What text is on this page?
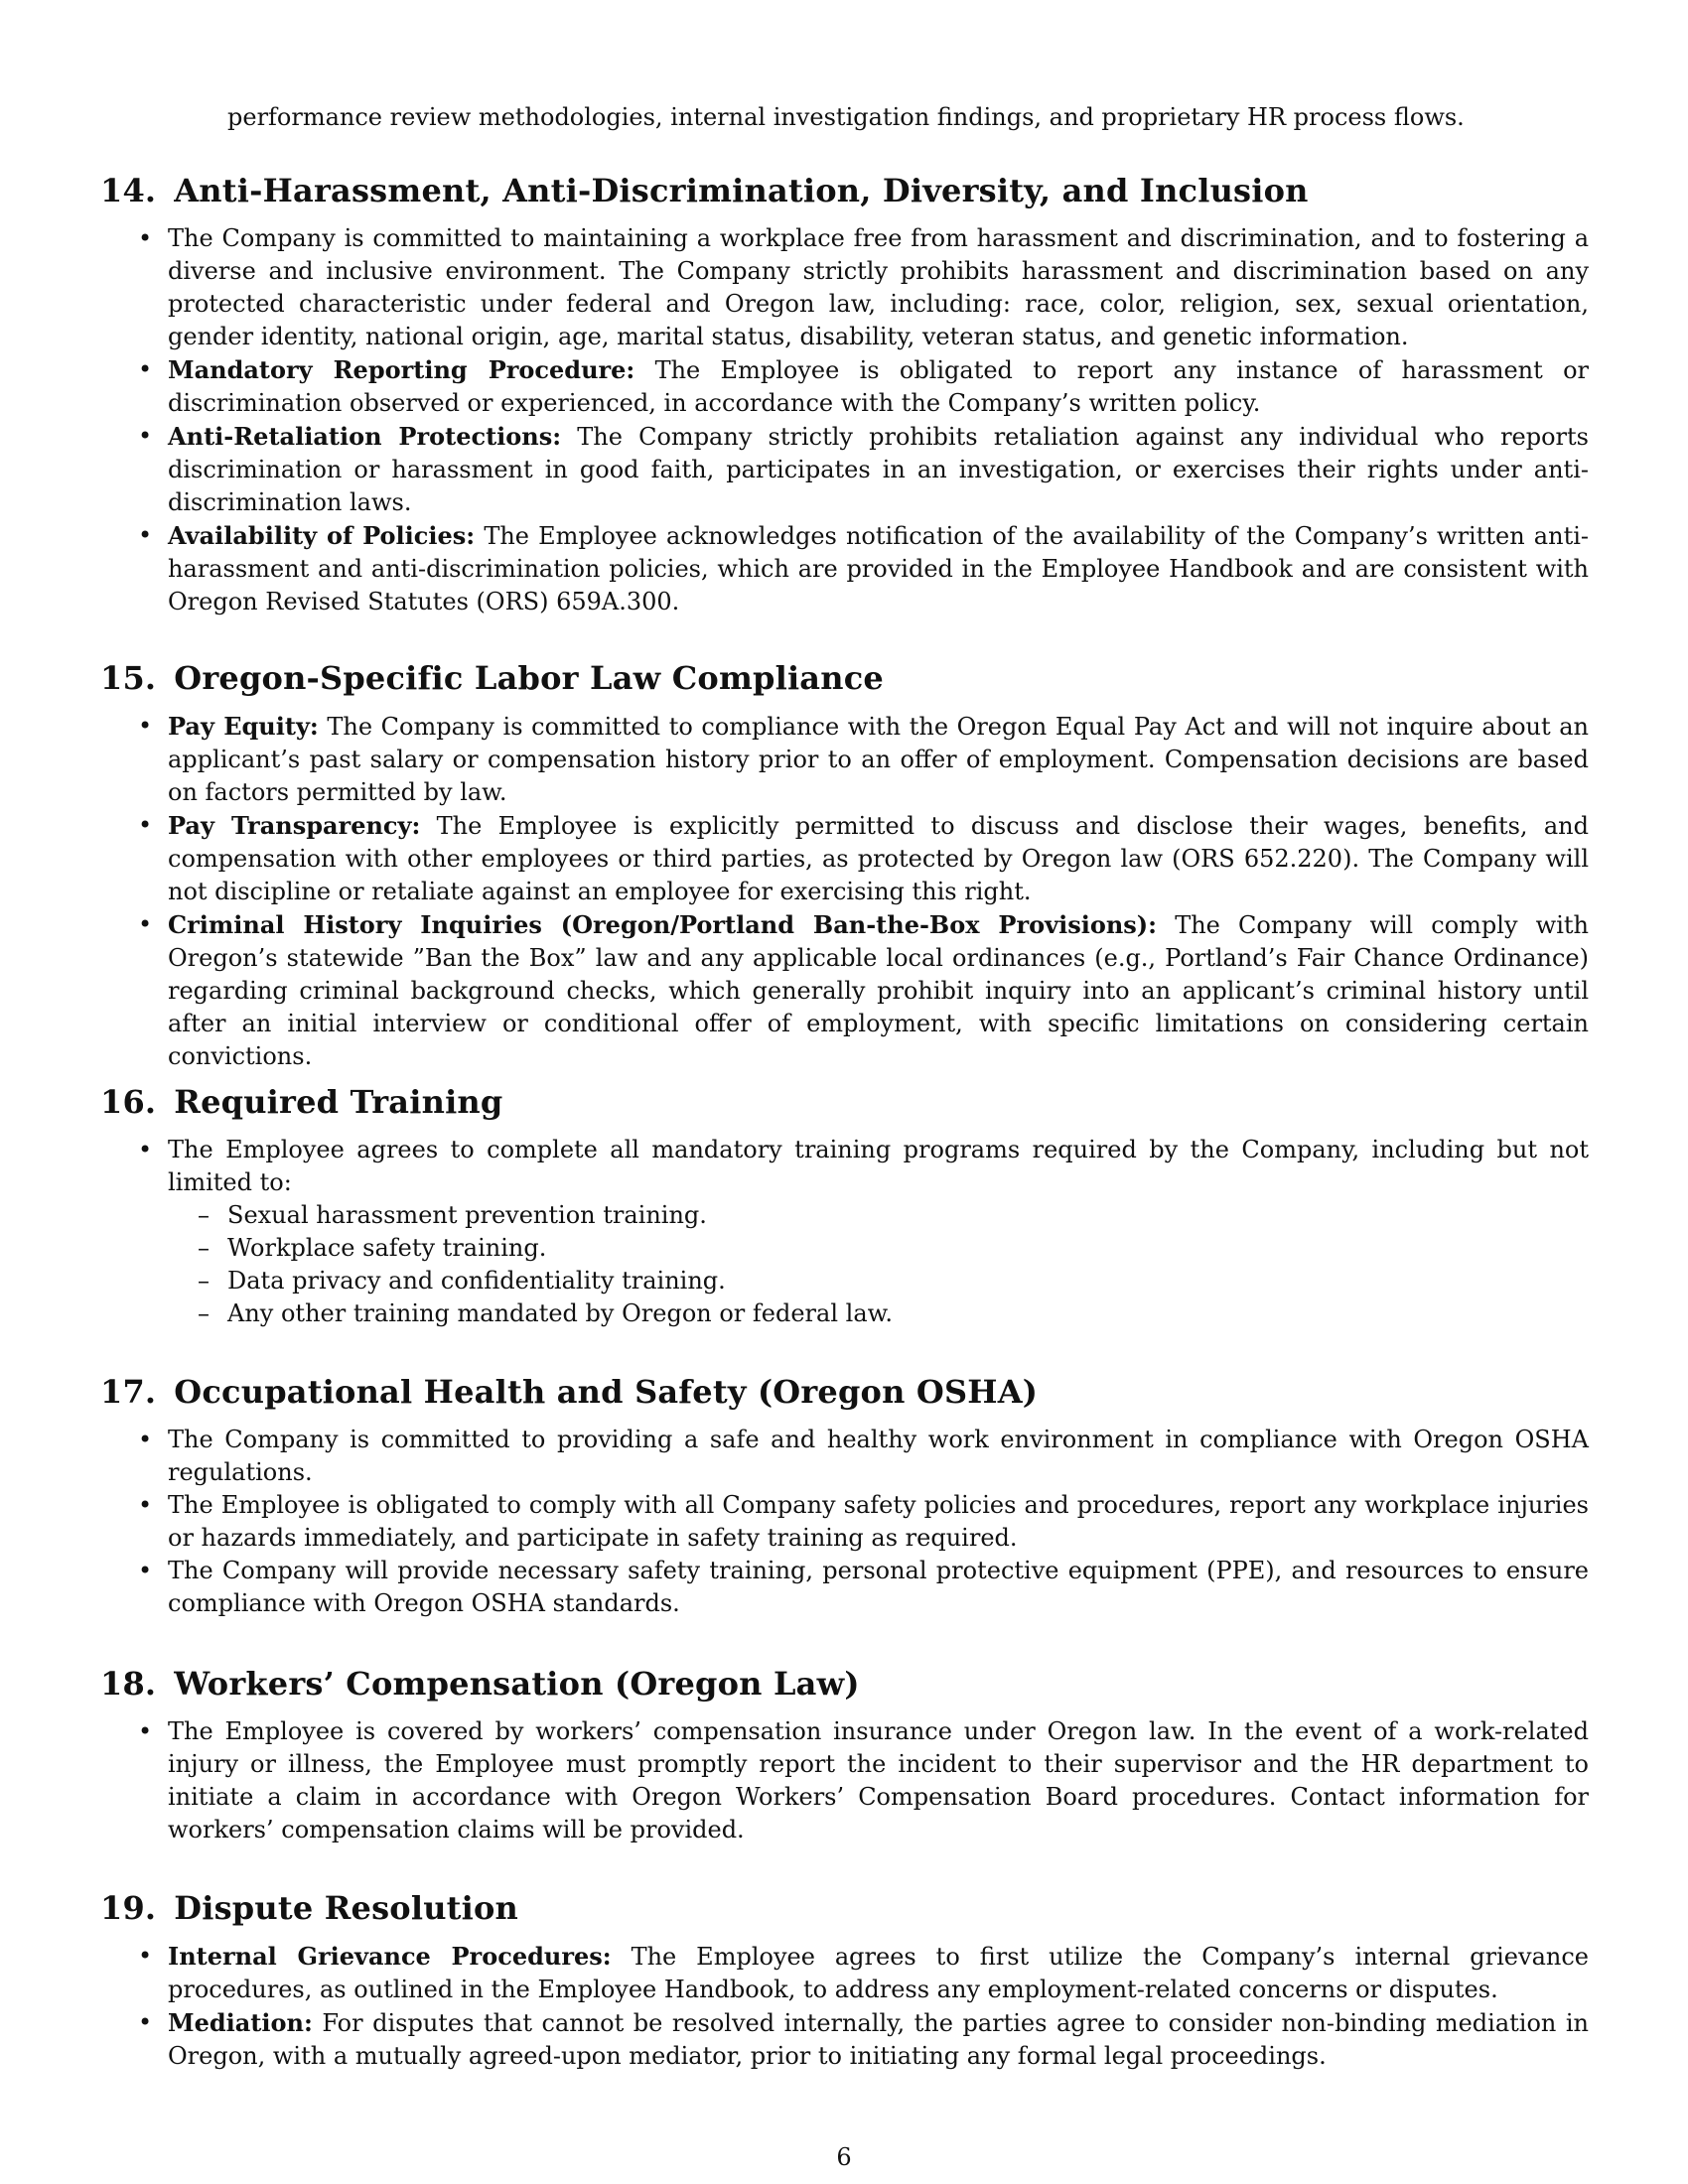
performance review methodologies, internal investigation findings, and proprietary HR process flows.

14. Anti-Harassment, Anti-Discrimination, Diversity, and Inclusion
• The Company is committed to maintaining a workplace free from harassment and discrimination, and to fostering a diverse and inclusive environment. The Company strictly prohibits harassment and discrimination based on any protected characteristic under federal and Oregon law, including: race, color, religion, sex, sexual orientation, gender identity, national origin, age, marital status, disability, veteran status, and genetic information.
• Mandatory Reporting Procedure: The Employee is obligated to report any instance of harassment or discrimination observed or experienced, in accordance with the Company’s written policy.
• Anti-Retaliation Protections: The Company strictly prohibits retaliation against any individual who reports discrimination or harassment in good faith, participates in an investigation, or exercises their rights under anti-discrimination laws.
• Availability of Policies: The Employee acknowledges notification of the availability of the Company’s written anti-harassment and anti-discrimination policies, which are provided in the Employee Handbook and are consistent with Oregon Revised Statutes (ORS) 659A.300.
15. Oregon-Specific Labor Law Compliance
• Pay Equity: The Company is committed to compliance with the Oregon Equal Pay Act and will not inquire about an applicant’s past salary or compensation history prior to an offer of employment. Compensation decisions are based on factors permitted by law.
• Pay Transparency: The Employee is explicitly permitted to discuss and disclose their wages, benefits, and compensation with other employees or third parties, as protected by Oregon law (ORS 652.220). The Company will not discipline or retaliate against an employee for exercising this right.
• Criminal History Inquiries (Oregon/Portland Ban-the-Box Provisions): The Company will comply with Oregon’s statewide ”Ban the Box” law and any applicable local ordinances (e.g., Portland’s Fair Chance Ordinance) regarding criminal background checks, which generally prohibit inquiry into an applicant’s criminal history until after an initial interview or conditional offer of employment, with specific limitations on considering certain convictions.
16. Required Training
• The Employee agrees to complete all mandatory training programs required by the Company, including but not limited to:
– Sexual harassment prevention training.
– Workplace safety training.
– Data privacy and confidentiality training.
– Any other training mandated by Oregon or federal law.
17. Occupational Health and Safety (Oregon OSHA)
• The Company is committed to providing a safe and healthy work environment in compliance with Oregon OSHA regulations.
• The Employee is obligated to comply with all Company safety policies and procedures, report any workplace injuries or hazards immediately, and participate in safety training as required.
• The Company will provide necessary safety training, personal protective equipment (PPE), and resources to ensure compliance with Oregon OSHA standards.
18. Workers’ Compensation (Oregon Law)
• The Employee is covered by workers’ compensation insurance under Oregon law. In the event of a work-related injury or illness, the Employee must promptly report the incident to their supervisor and the HR department to initiate a claim in accordance with Oregon Workers’ Compensation Board procedures. Contact information for workers’ compensation claims will be provided.
19. Dispute Resolution
• Internal Grievance Procedures: The Employee agrees to first utilize the Company’s internal grievance procedures, as outlined in the Employee Handbook, to address any employment-related concerns or disputes.
• Mediation: For disputes that cannot be resolved internally, the parties agree to consider non-binding mediation in Oregon, with a mutually agreed-upon mediator, prior to initiating any formal legal proceedings.
6
